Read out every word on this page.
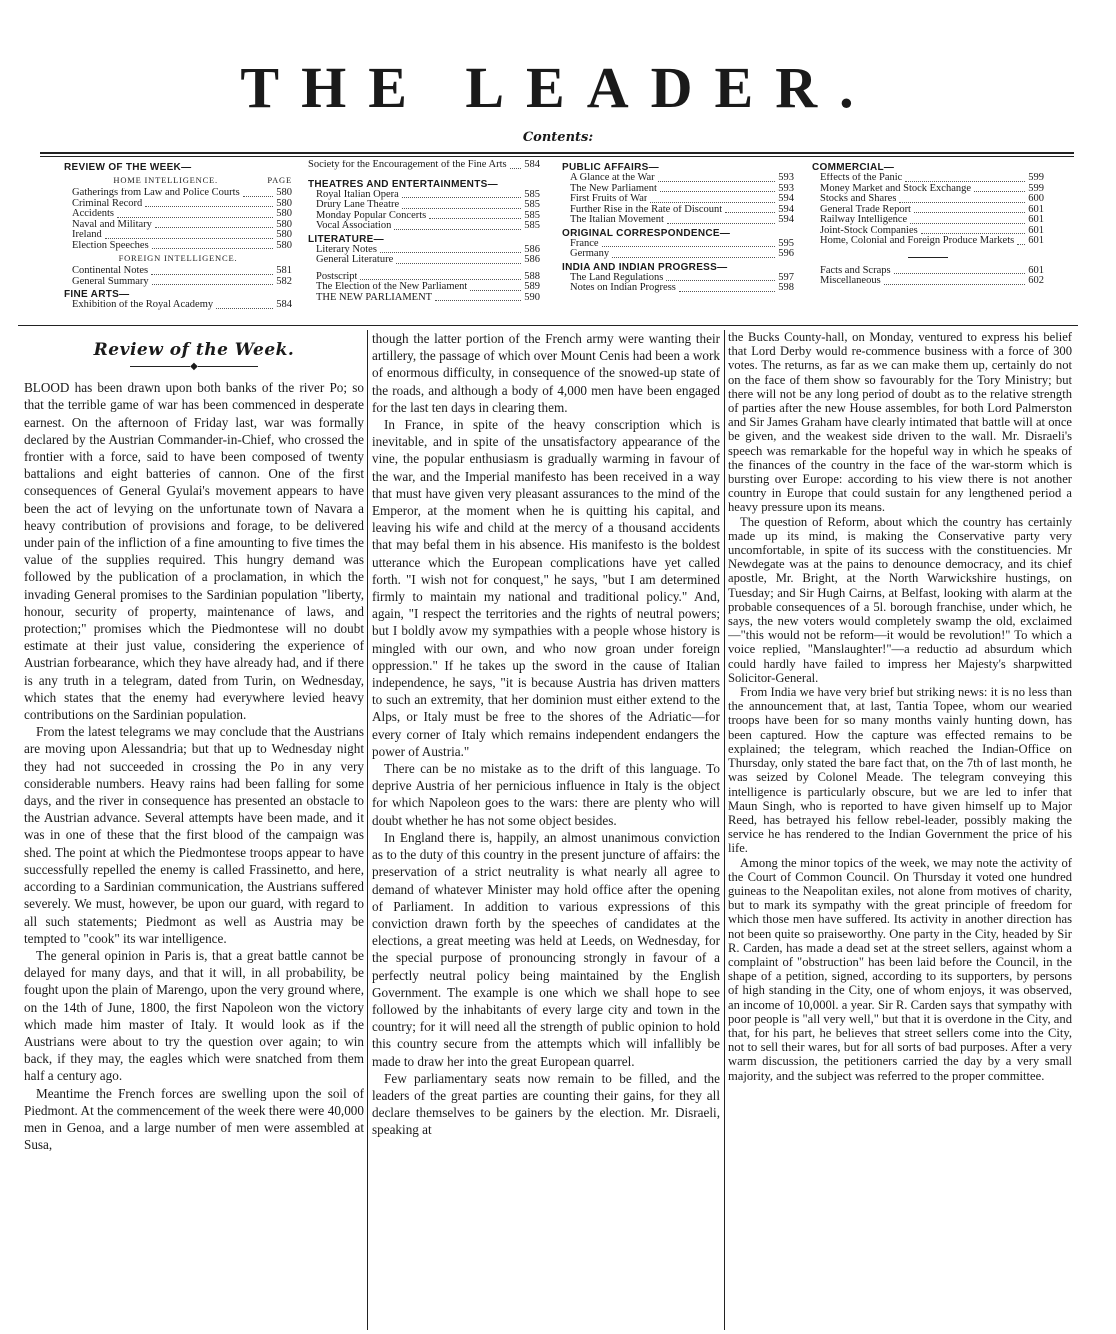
THE LEADER.
Contents:
REVIEW OF THE WEEK—
HOME INTELLIGENCE.	PAGE
Gatherings from Law and Police Courts	580
Criminal Record	580
Accidents	580
Naval and Military	580
Ireland	580
Election Speeches	580
FOREIGN INTELLIGENCE.
Continental Notes	581
General Summary	582
FINE ARTS—
Exhibition of the Royal Academy	584
Society for the Encouragement of the Fine Arts 584
THEATRES AND ENTERTAINMENTS—
Royal Italian Opera	585
Drury Lane Theatre	585
Monday Popular Concerts	585
Vocal Association	585
LITERATURE—
Literary Notes	586
General Literature	586
Postscript	588
The Election of the New Parliament	589
THE NEW PARLIAMENT	590
PUBLIC AFFAIRS—
A Glance at the War	593
The New Parliament	593
First Fruits of War	594
Further Rise in the Rate of Discount	594
The Italian Movement	594
ORIGINAL CORRESPONDENCE—
France	595
Germany	596
INDIA AND INDIAN PROGRESS—
The Land Regulations	597
Notes on Indian Progress	598
COMMERCIAL—
Effects of the Panic	599
Money Market and Stock Exchange	599
Stocks and Shares	600
General Trade Report	601
Railway Intelligence	601
Joint-Stock Companies	601
Home, Colonial and Foreign Produce Markets 601
Facts and Scraps	601
Miscellaneous	602
Review of the Week.
◆

BLOOD has been drawn upon both banks of the river Po; so that the terrible game of war has been commenced in desperate earnest. On the afternoon of Friday last, war was formally declared by the Austrian Commander-in-Chief, who crossed the frontier with a force, said to have been composed of twenty battalions and eight batteries of cannon. One of the first consequences of General Gyulai's movement appears to have been the act of levying on the unfortunate town of Navara a heavy contribution of provisions and forage, to be delivered under pain of the infliction of a fine amounting to five times the value of the supplies required. This hungry demand was followed by the publication of a proclamation, in which the invading General promises to the Sardinian population "liberty, honour, security of property, maintenance of laws, and protection;" promises which the Piedmontese will no doubt estimate at their just value, considering the experience of Austrian forbearance, which they have already had, and if there is any truth in a telegram, dated from Turin, on Wednesday, which states that the enemy had everywhere levied heavy contributions on the Sardinian population.

From the latest telegrams we may conclude that the Austrians are moving upon Alessandria; but that up to Wednesday night they had not succeeded in crossing the Po in any very considerable numbers. Heavy rains had been falling for some days, and the river in consequence has presented an obstacle to the Austrian advance. Several attempts have been made, and it was in one of these that the first blood of the campaign was shed. The point at which the Piedmontese troops appear to have successfully repelled the enemy is called Frassinetto, and here, according to a Sardinian communication, the Austrians suffered severely. We must, however, be upon our guard, with regard to all such statements; Piedmont as well as Austria may be tempted to "cook" its war intelligence.

The general opinion in Paris is, that a great battle cannot be delayed for many days, and that it will, in all probability, be fought upon the plain of Marengo, upon the very ground where, on the 14th of June, 1800, the first Napoleon won the victory which made him master of Italy. It would look as if the Austrians were about to try the question over again; to win back, if they may, the eagles which were snatched from them half a century ago.

Meantime the French forces are swelling upon the soil of Piedmont. At the commencement of the week there were 40,000 men in Genoa, and a large number of men were assembled at Susa,

though the latter portion of the French army were wanting their artillery, the passage of which over Mount Cenis had been a work of enormous difficulty, in consequence of the snowed-up state of the roads, and although a body of 4,000 men have been engaged for the last ten days in clearing them.

In France, in spite of the heavy conscription which is inevitable, and in spite of the unsatisfactory appearance of the vine, the popular enthusiasm is gradually warming in favour of the war, and the Imperial manifesto has been received in a way that must have given very pleasant assurances to the mind of the Emperor, at the moment when he is quitting his capital, and leaving his wife and child at the mercy of a thousand accidents that may befal them in his absence. His manifesto is the boldest utterance which the European complications have yet called forth. "I wish not for conquest," he says, "but I am determined firmly to maintain my national and traditional policy." And, again, "I respect the territories and the rights of neutral powers; but I boldly avow my sympathies with a people whose history is mingled with our own, and who now groan under foreign oppression." If he takes up the sword in the cause of Italian independence, he says, "it is because Austria has driven matters to such an extremity, that her dominion must either extend to the Alps, or Italy must be free to the shores of the Adriatic—for every corner of Italy which remains independent endangers the power of Austria."

There can be no mistake as to the drift of this language. To deprive Austria of her pernicious influence in Italy is the object for which Napoleon goes to the wars: there are plenty who will doubt whether he has not some object besides.

In England there is, happily, an almost unanimous conviction as to the duty of this country in the present juncture of affairs: the preservation of a strict neutrality is what nearly all agree to demand of whatever Minister may hold office after the opening of Parliament. In addition to various expressions of this conviction drawn forth by the speeches of candidates at the elections, a great meeting was held at Leeds, on Wednesday, for the special purpose of pronouncing strongly in favour of a perfectly neutral policy being maintained by the English Government. The example is one which we shall hope to see followed by the inhabitants of every large city and town in the country; for it will need all the strength of public opinion to hold this country secure from the attempts which will infallibly be made to draw her into the great European quarrel.

Few parliamentary seats now remain to be filled, and the leaders of the great parties are counting their gains, for they all declare themselves to be gainers by the election. Mr. Disraeli, speaking at

the Bucks County-hall, on Monday, ventured to express his belief that Lord Derby would re-commence business with a force of 300 votes. The returns, as far as we can make them up, certainly do not on the face of them show so favourably for the Tory Ministry; but there will not be any long period of doubt as to the relative strength of parties after the new House assembles, for both Lord Palmerston and Sir James Graham have clearly intimated that battle will at once be given, and the weakest side driven to the wall. Mr. Disraeli's speech was remarkable for the hopeful way in which he speaks of the finances of the country in the face of the war-storm which is bursting over Europe: according to his view there is not another country in Europe that could sustain for any lengthened period a heavy pressure upon its means.

The question of Reform, about which the country has certainly made up its mind, is making the Conservative party very uncomfortable, in spite of its success with the constituencies. Mr Newdegate was at the pains to denounce democracy, and its chief apostle, Mr. Bright, at the North Warwickshire hustings, on Tuesday; and Sir Hugh Cairns, at Belfast, looking with alarm at the probable consequences of a 5l. borough franchise, under which, he says, the new voters would completely swamp the old, exclaimed—"this would not be reform—it would be revolution!" To which a voice replied, "Manslaughter!"—a reductio ad absurdum which could hardly have failed to impress her Majesty's sharpwitted Solicitor-General.

From India we have very brief but striking news: it is no less than the announcement that, at last, Tantia Topee, whom our wearied troops have been for so many months vainly hunting down, has been captured. How the capture was effected remains to be explained; the telegram, which reached the Indian-Office on Thursday, only stated the bare fact that, on the 7th of last month, he was seized by Colonel Meade. The telegram conveying this intelligence is particularly obscure, but we are led to infer that Maun Singh, who is reported to have given himself up to Major Reed, has betrayed his fellow rebel-leader, possibly making the service he has rendered to the Indian Government the price of his life.

Among the minor topics of the week, we may note the activity of the Court of Common Council. On Thursday it voted one hundred guineas to the Neapolitan exiles, not alone from motives of charity, but to mark its sympathy with the great principle of freedom for which those men have suffered. Its activity in another direction has not been quite so praiseworthy. One party in the City, headed by Sir R. Carden, has made a dead set at the street sellers, against whom a complaint of "obstruction" has been laid before the Council, in the shape of a petition, signed, according to its supporters, by persons of high standing in the City, one of whom enjoys, it was observed, an income of 10,000l. a year. Sir R. Carden says that sympathy with poor people is "all very well," but that it is overdone in the City, and that, for his part, he believes that street sellers come into the City, not to sell their wares, but for all sorts of bad purposes. After a very warm discussion, the petitioners carried the day by a very small majority, and the subject was referred to the proper committee.
